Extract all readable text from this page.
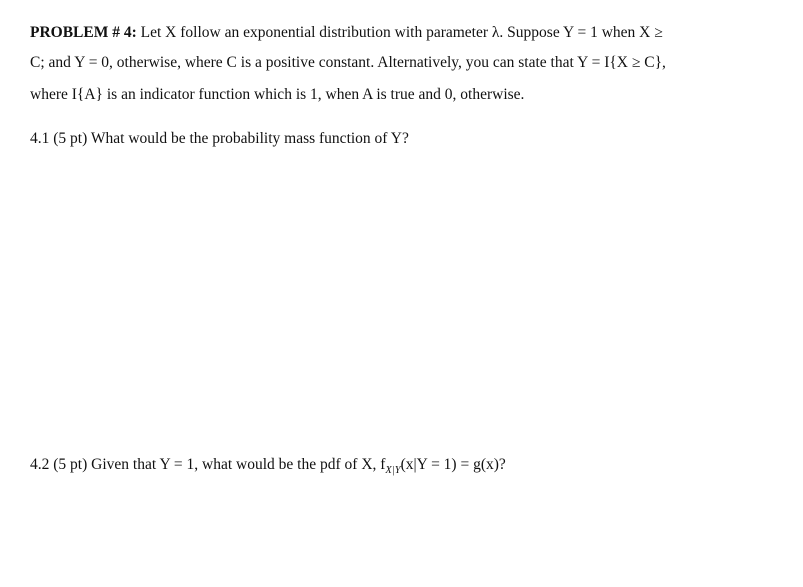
PROBLEM # 4: Let X follow an exponential distribution with parameter λ. Suppose Y = 1 when X ≥
C; and Y = 0, otherwise, where C is a positive constant. Alternatively, you can state that Y = I{X ≥ C},
where I{A} is an indicator function which is 1, when A is true and 0, otherwise.
4.1 (5 pt) What would be the probability mass function of Y?
4.2 (5 pt) Given that Y = 1, what would be the pdf of X, $f_{X|Y}(x|Y = 1) = g(x)$?
